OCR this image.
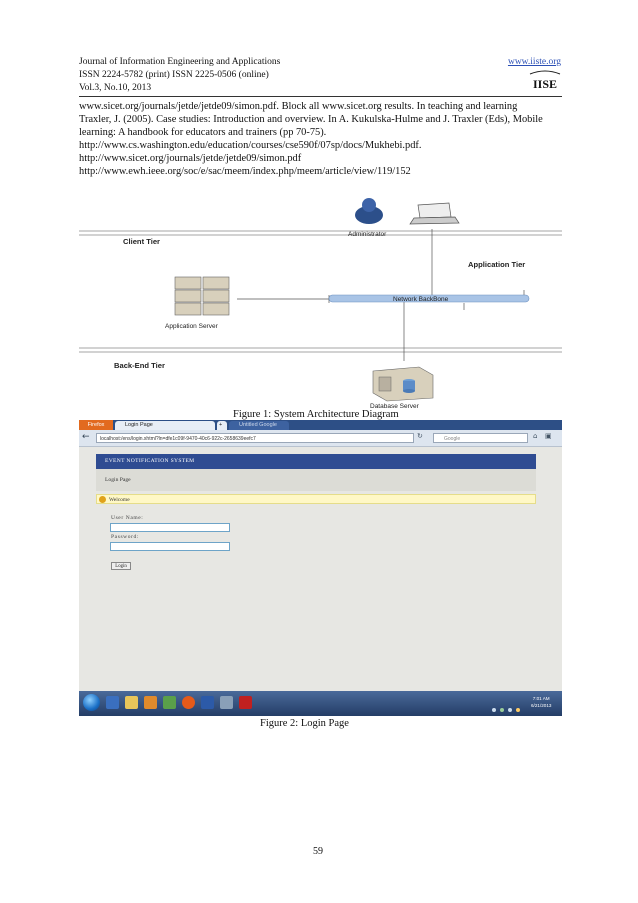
Journal of Information Engineering and Applications	www.iiste.org
ISSN 2224-5782 (print) ISSN 2225-0506 (online)
Vol.3, No.10, 2013	IISE
www.sicet.org/journals/jetde/jetde09/simon.pdf. Block all www.sicet.org results. In teaching and learning
Traxler, J. (2005). Case studies: Introduction and overview. In A. Kukulska-Hulme and J. Traxler (Eds), Mobile
learning: A handbook for educators and trainers (pp 70-75).
http://www.cs.washington.edu/education/courses/cse590f/07sp/docs/Mukhebi.pdf.
http://www.sicet.org/journals/jetde/jetde09/simon.pdf
http://www.ewh.ieee.org/soc/e/sac/meem/index.php/meem/article/view/119/152
Client Tier
Application Tier
Back-End Tier
Administrator
Application Server
Network BackBone
Database Server
Figure 1: System Architecture Diagram
Firefox	Login Page	+	Untitled Google
←	localhost:/ens/login.xhtml?ln=dfe1c09f-9470-40c6-922c-2658639eefc7	↻	Google	⌂ ▣
EVENT NOTIFICATION SYSTEM
Login Page
Welcome
User Name:
Password:
Login
7:01 AM
6/21/2013
Figure 2: Login Page
59
